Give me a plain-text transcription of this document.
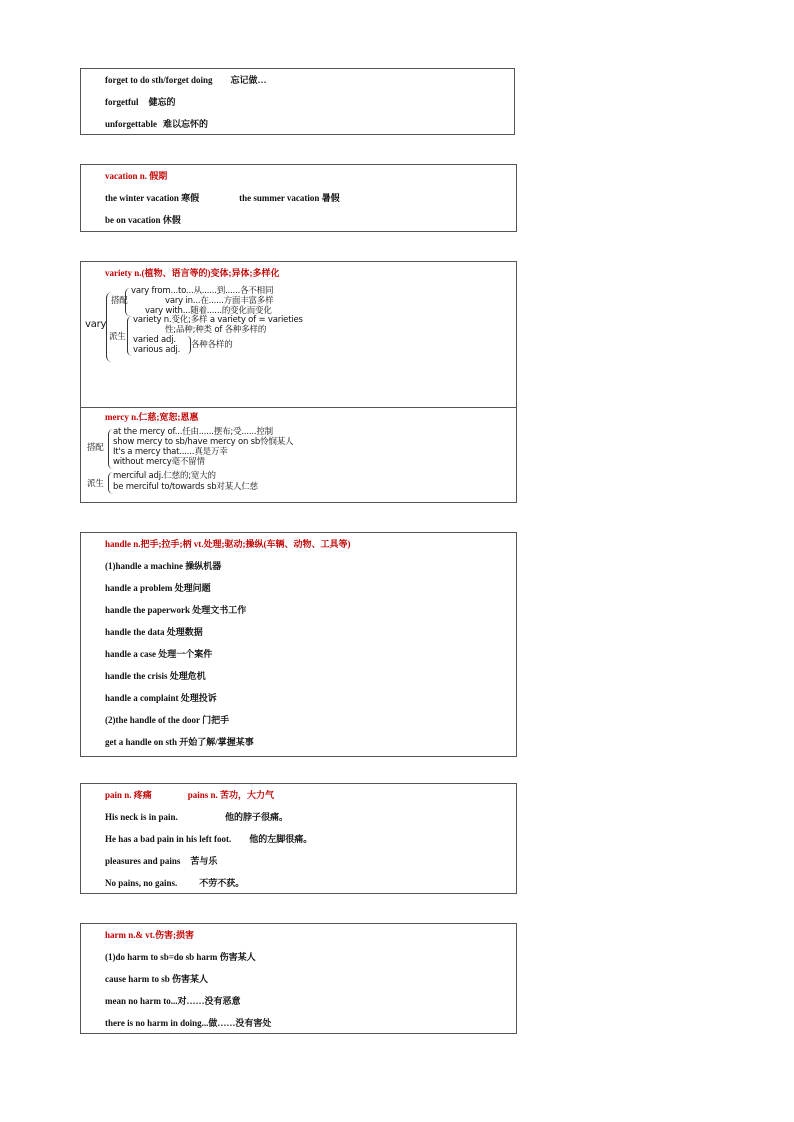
forget to do sth/forget doing 忘记做…
forgetful 健忘的
unforgettable 难以忘怀的
vacation n. 假期
the winter vacation 寒假	the summer vacation 暑假
be on vacation 休假
variety n.(植物、语言等的)变体;异体;多样化
vary
搭配
vary from...to...从......到......各不相同
vary in...在......方面丰富多样
vary with...随着......的变化而变化
派生
variety n.变化;多样 a variety of = varieties
性;品种;种类 of 各种多样的
varied adj.
various adj. 各种各样的
mercy n.仁慈;宽恕;恩惠
搭配
at the mercy of...任由......摆布;受......控制
show mercy to sb/have mercy on sb怜悯某人
It's a mercy that......真是万幸
without mercy毫不留情
派生
merciful adj.仁慈的;宽大的
be merciful to/towards sb对某人仁慈
handle n.把手;拉手;柄 vt.处理;驱动;操纵(车辆、动物、工具等)
(1)handle a machine 操纵机器
handle a problem 处理问题
handle the paperwork 处理文书工作
handle the data 处理数据
handle a case 处理一个案件
handle the crisis 处理危机
handle a complaint 处理投诉
(2)the handle of the door 门把手
get a handle on sth 开始了解/掌握某事
pain n. 疼痛	pains n. 苦功，大力气
His neck is in pain.	他的脖子很痛。
He has a bad pain in his left foot. 他的左脚很痛。
pleasures and pains 苦与乐
No pains, no gains. 不劳不获。
harm n.& vt.伤害;损害
(1)do harm to sb=do sb harm 伤害某人
cause harm to sb 伤害某人
mean no harm to...对……没有恶意
there is no harm in doing...做……没有害处
